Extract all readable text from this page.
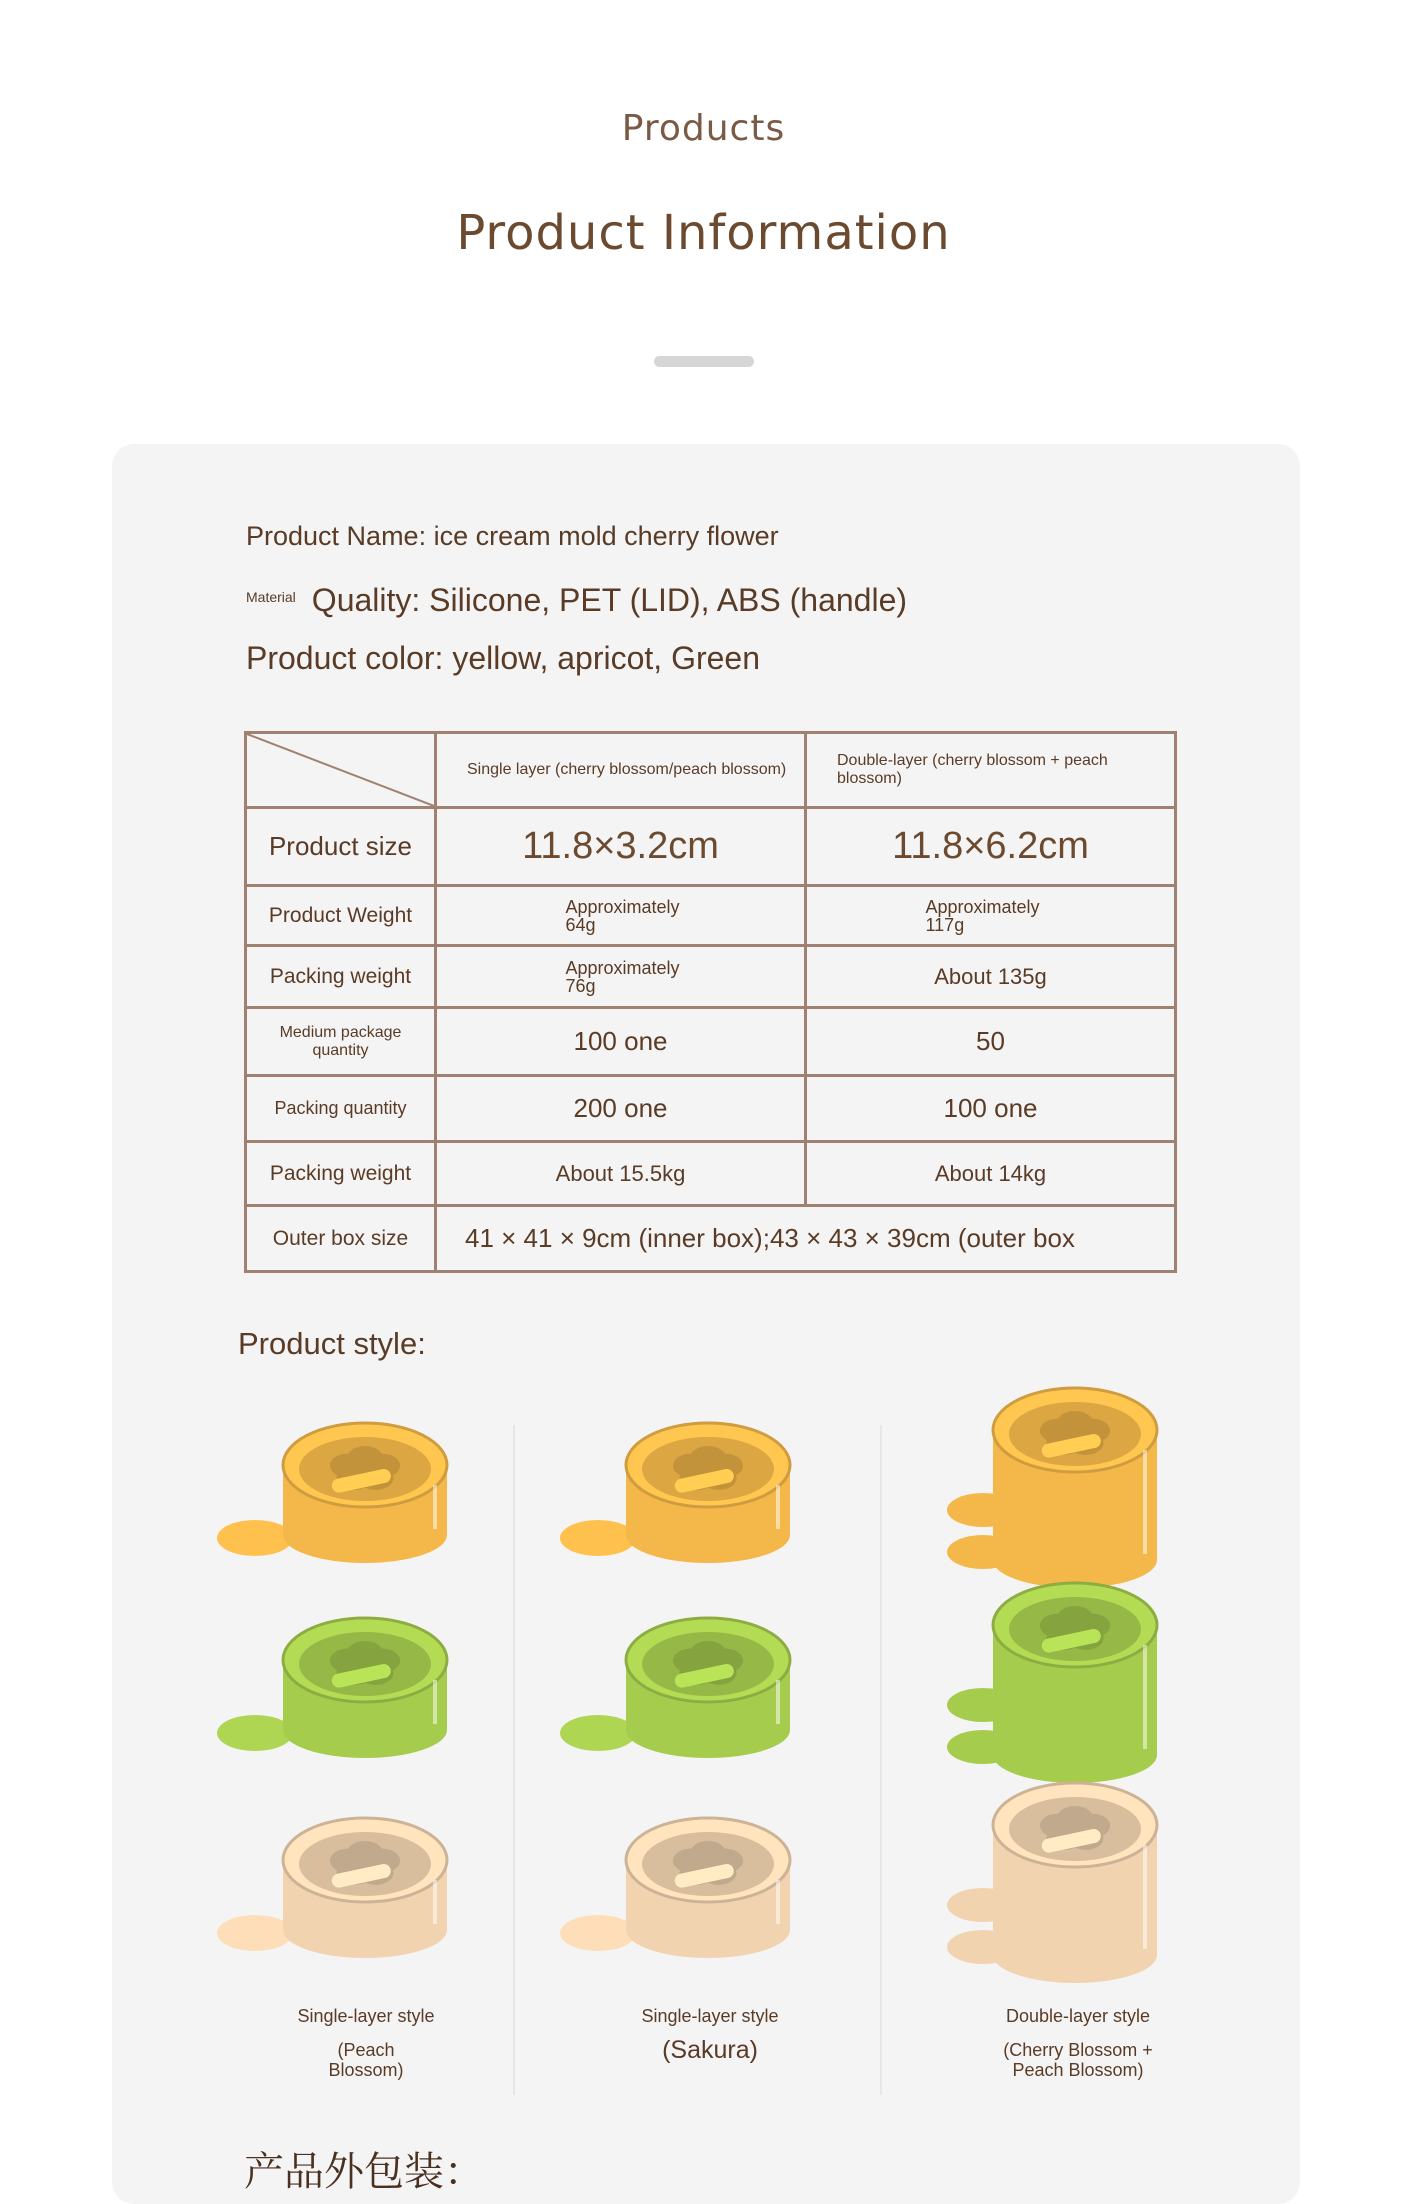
Products
Product Information
Product Name: ice cream mold cherry flower
Material Quality: Silicone, PET (LID), ABS (handle)
Product color: yellow, apricot, Green
	Single layer (cherry blossom/peach blossom)	Double-layer (cherry blossom + peach blossom)
Product size	11.8×3.2cm	11.8×6.2cm
Product Weight	Approximately 64g	Approximately 117g

Packing weight	Approximately 76g	About 135g
Medium package quantity	100 one	50
Packing quantity	200 one	100 one
Packing weight	About 15.5kg	About 14kg
Outer box size	41 × 41 × 9cm (inner box);43 × 43 × 39cm (outer box	
Product style:
Single-layer style
(Peach Blossom)
Single-layer style
(Sakura)
Double-layer style
(Cherry Blossom + Peach Blossom)
产品外包装：
